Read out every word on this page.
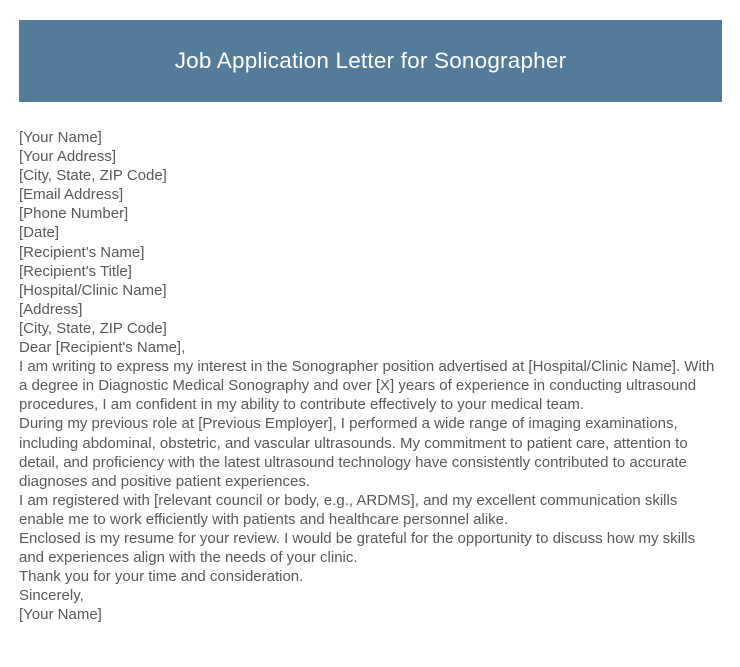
Job Application Letter for Sonographer
[Your Name]
[Your Address]
[City, State, ZIP Code]
[Email Address]
[Phone Number]
[Date]
[Recipient's Name]
[Recipient's Title]
[Hospital/Clinic Name]
[Address]
[City, State, ZIP Code]
Dear [Recipient's Name],

I am writing to express my interest in the Sonographer position advertised at [Hospital/Clinic Name]. With a degree in Diagnostic Medical Sonography and over [X] years of experience in conducting ultrasound procedures, I am confident in my ability to contribute effectively to your medical team.

During my previous role at [Previous Employer], I performed a wide range of imaging examinations, including abdominal, obstetric, and vascular ultrasounds. My commitment to patient care, attention to detail, and proficiency with the latest ultrasound technology have consistently contributed to accurate diagnoses and positive patient experiences.

I am registered with [relevant council or body, e.g., ARDMS], and my excellent communication skills enable me to work efficiently with patients and healthcare personnel alike.

Enclosed is my resume for your review. I would be grateful for the opportunity to discuss how my skills and experiences align with the needs of your clinic.

Thank you for your time and consideration.

Sincerely,
[Your Name]
